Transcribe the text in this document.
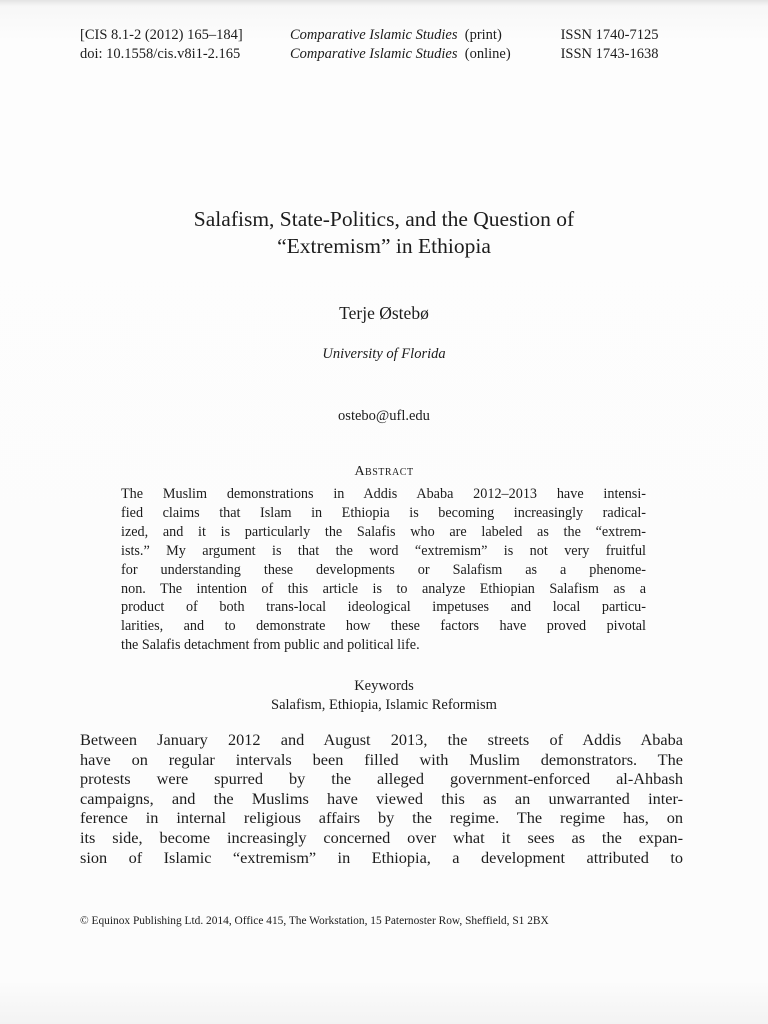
[CIS 8.1-2 (2012) 165–184]	Comparative Islamic Studies (print)	ISSN 1740-7125
doi: 10.1558/cis.v8i1-2.165	Comparative Islamic Studies (online)	ISSN 1743-1638
Salafism, State-Politics, and the Question of
“Extremism” in Ethiopia
Terje Østebø
University of Florida
ostebo@ufl.edu
Abstract
The Muslim demonstrations in Addis Ababa 2012–2013 have intensi-
fied claims that Islam in Ethiopia is becoming increasingly radical-
ized, and it is particularly the Salafis who are labeled as the “extrem-
ists.” My argument is that the word “extremism” is not very fruitful
for understanding these developments or Salafism as a phenome-
non. The intention of this article is to analyze Ethiopian Salafism as a
product of both trans-local ideological impetuses and local particu-
larities, and to demonstrate how these factors have proved pivotal
the Salafis detachment from public and political life.
Keywords
Salafism, Ethiopia, Islamic Reformism
Between January 2012 and August 2013, the streets of Addis Ababa
have on regular intervals been filled with Muslim demonstrators. The
protests were spurred by the alleged government-enforced al-Ahbash
campaigns, and the Muslims have viewed this as an unwarranted inter-
ference in internal religious affairs by the regime. The regime has, on
its side, become increasingly concerned over what it sees as the expan-
sion of Islamic “extremism” in Ethiopia, a development attributed to
© Equinox Publishing Ltd. 2014, Office 415, The Workstation, 15 Paternoster Row, Sheffield, S1 2BX
